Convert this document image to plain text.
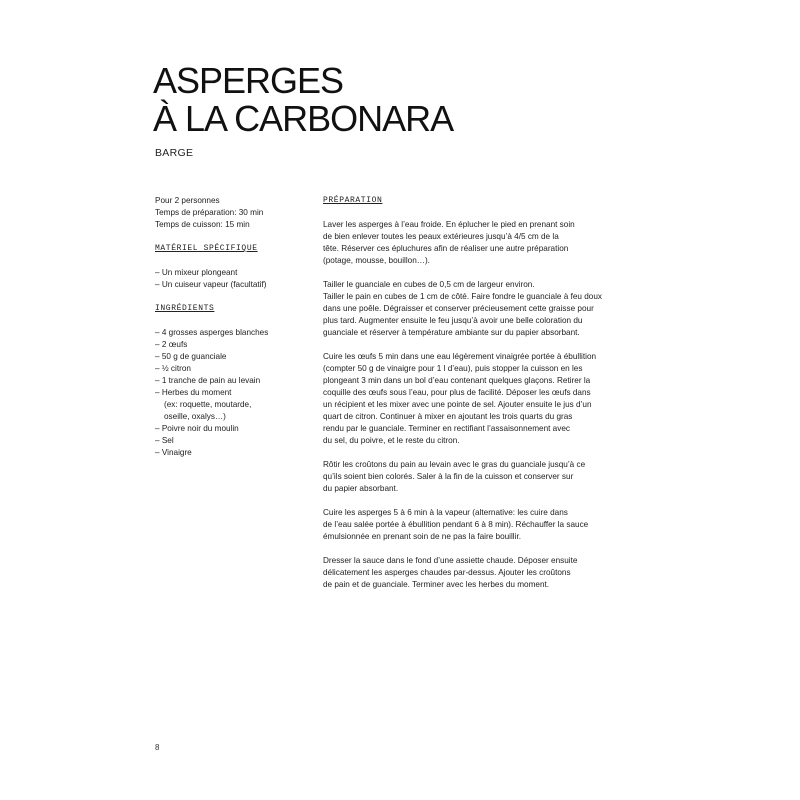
ASPERGES
À LA CARBONARA
BARGE
Pour 2 personnes
Temps de préparation: 30 min
Temps de cuisson: 15 min
MATÉRIEL SPÉCIFIQUE
– Un mixeur plongeant
– Un cuiseur vapeur (facultatif)
INGRÉDIENTS
– 4 grosses asperges blanches
– 2 œufs
– 50 g de guanciale
– ½ citron
– 1 tranche de pain au levain
– Herbes du moment
(ex: roquette, moutarde,
oseille, oxalys…)
– Poivre noir du moulin
– Sel
– Vinaigre
PRÉPARATION
Laver les asperges à l’eau froide. En éplucher le pied en prenant soin
de bien enlever toutes les peaux extérieures jusqu’à 4/5 cm de la
tête. Réserver ces épluchures afin de réaliser une autre préparation
(potage, mousse, bouillon…).
Tailler le guanciale en cubes de 0,5 cm de largeur environ.
Tailler le pain en cubes de 1 cm de côté. Faire fondre le guanciale à feu doux
dans une poêle. Dégraisser et conserver précieusement cette graisse pour
plus tard. Augmenter ensuite le feu jusqu’à avoir une belle coloration du
guanciale et réserver à température ambiante sur du papier absorbant.
Cuire les œufs 5 min dans une eau légèrement vinaigrée portée à ébullition
(compter 50 g de vinaigre pour 1 l d’eau), puis stopper la cuisson en les
plongeant 3 min dans un bol d’eau contenant quelques glaçons. Retirer la
coquille des œufs sous l’eau, pour plus de facilité. Déposer les œufs dans
un récipient et les mixer avec une pointe de sel. Ajouter ensuite le jus d’un
quart de citron. Continuer à mixer en ajoutant les trois quarts du gras
rendu par le guanciale. Terminer en rectifiant l’assaisonnement avec
du sel, du poivre, et le reste du citron.
Rôtir les croûtons du pain au levain avec le gras du guanciale jusqu’à ce
qu’ils soient bien colorés. Saler à la fin de la cuisson et conserver sur
du papier absorbant.
Cuire les asperges 5 à 6 min à la vapeur (alternative: les cuire dans
de l’eau salée portée à ébullition pendant 6 à 8 min). Réchauffer la sauce
émulsionnée en prenant soin de ne pas la faire bouillir.
Dresser la sauce dans le fond d’une assiette chaude. Déposer ensuite
délicatement les asperges chaudes par-dessus. Ajouter les croûtons
de pain et de guanciale. Terminer avec les herbes du moment.
8
